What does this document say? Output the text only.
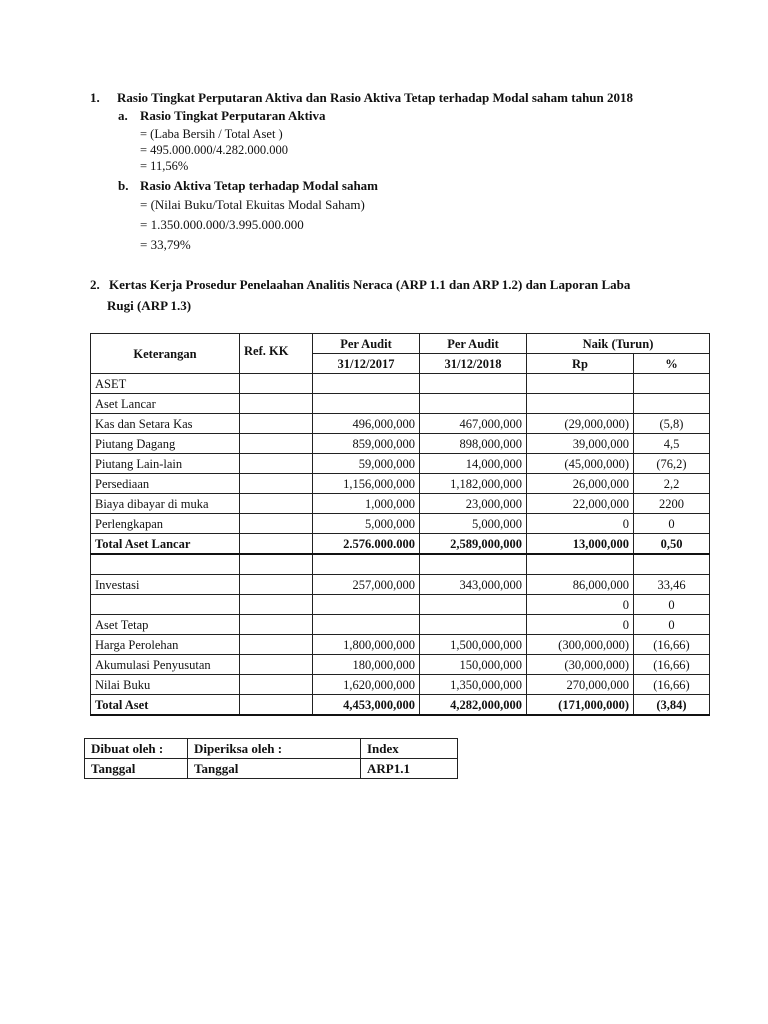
1. Rasio Tingkat Perputaran Aktiva dan Rasio Aktiva Tetap terhadap Modal saham tahun 2018
a. Rasio Tingkat Perputaran Aktiva
= (Laba Bersih / Total Aset )
= 495.000.000/4.282.000.000
= 11,56%
b. Rasio Aktiva Tetap terhadap Modal saham
= (Nilai Buku/Total Ekuitas Modal Saham)
= 1.350.000.000/3.995.000.000
= 33,79%
2. Kertas Kerja Prosedur Penelaahan Analitis Neraca (ARP 1.1 dan ARP 1.2) dan Laporan Laba
Rugi (ARP 1.3)
Keterangan	Ref. KK	Per Audit	Per Audit	Naik (Turun)	
		31/12/2017	31/12/2018	Rp	%
ASET					
Aset Lancar					
Kas dan Setara Kas		496,000,000	467,000,000	(29,000,000)	(5,8)
Piutang Dagang		859,000,000	898,000,000	39,000,000	4,5
Piutang Lain-lain		59,000,000	14,000,000	(45,000,000)	(76,2)
Persediaan		1,156,000,000	1,182,000,000	26,000,000	2,2
Biaya dibayar di muka		1,000,000	23,000,000	22,000,000	2200
Perlengkapan		5,000,000	5,000,000	0	0
Total Aset Lancar		2.576.000.000	2,589,000,000	13,000,000	0,50

Investasi		257,000,000	343,000,000	86,000,000	33,46
				0	0
Aset Tetap				0	0
Harga Perolehan		1,800,000,000	1,500,000,000	(300,000,000)	(16,66)
Akumulasi Penyusutan		180,000,000	150,000,000	(30,000,000)	(16,66)
Nilai Buku		1,620,000,000	1,350,000,000	270,000,000	(16,66)
Total Aset		4,453,000,000	4,282,000,000	(171,000,000)	(3,84)
Dibuat oleh :	Diperiksa oleh :	Index
Tanggal	Tanggal	ARP1.1
